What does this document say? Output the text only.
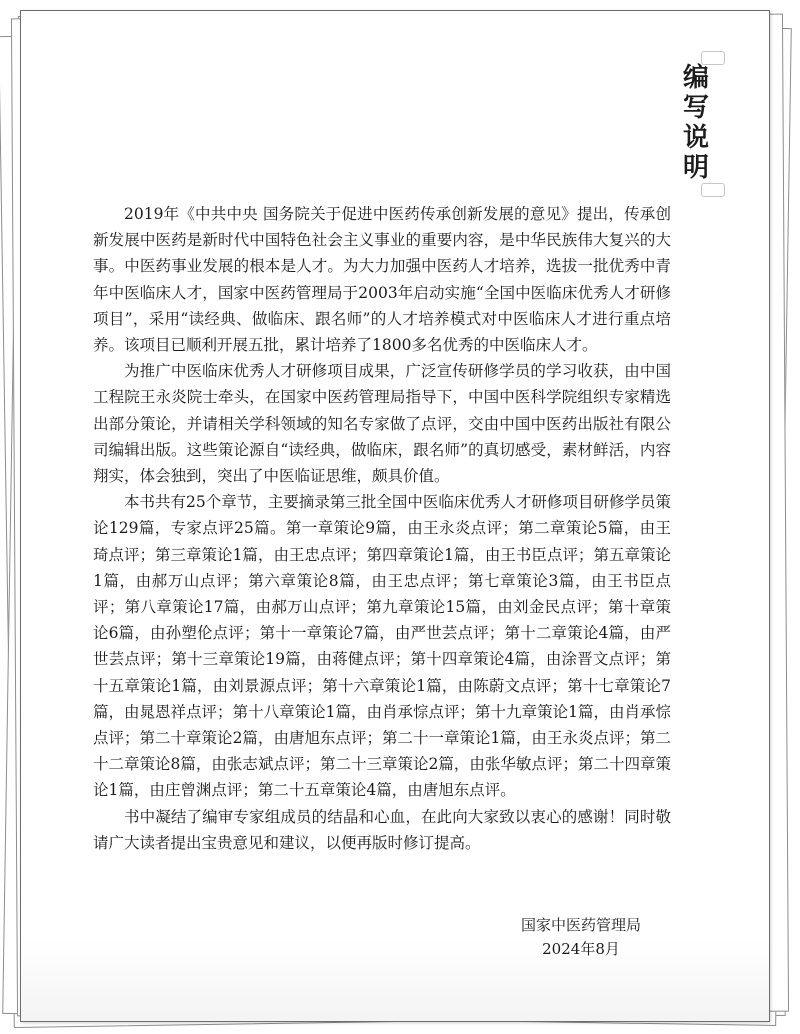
编
写
说
明

2019年《中共中央 国务院关于促进中医药传承创新发展的意见》提出，传承创新发展中医药是新时代中国特色社会主义事业的重要内容，是中华民族伟大复兴的大事。中医药事业发展的根本是人才。为大力加强中医药人才培养，选拔一批优秀中青年中医临床人才，国家中医药管理局于2003年启动实施“全国中医临床优秀人才研修项目”，采用“读经典、做临床、跟名师”的人才培养模式对中医临床人才进行重点培养。该项目已顺利开展五批，累计培养了1800多名优秀的中医临床人才。

为推广中医临床优秀人才研修项目成果，广泛宣传研修学员的学习收获，由中国工程院王永炎院士牵头，在国家中医药管理局指导下，中国中医科学院组织专家精选出部分策论，并请相关学科领域的知名专家做了点评，交由中国中医药出版社有限公司编辑出版。这些策论源自“读经典，做临床，跟名师”的真切感受，素材鲜活，内容翔实，体会独到，突出了中医临证思维，颇具价值。

本书共有25个章节，主要摘录第三批全国中医临床优秀人才研修项目研修学员策论129篇，专家点评25篇。第一章策论9篇，由王永炎点评；第二章策论5篇，由王琦点评；第三章策论1篇，由王忠点评；第四章策论1篇，由王书臣点评；第五章策论1篇，由郝万山点评；第六章策论8篇，由王忠点评；第七章策论3篇，由王书臣点评；第八章策论17篇，由郝万山点评；第九章策论15篇，由刘金民点评；第十章策论6篇，由孙塑伦点评；第十一章策论7篇，由严世芸点评；第十二章策论4篇，由严世芸点评；第十三章策论19篇，由蒋健点评；第十四章策论4篇，由涂晋文点评；第十五章策论1篇，由刘景源点评；第十六章策论1篇，由陈蔚文点评；第十七章策论7篇，由晁恩祥点评；第十八章策论1篇，由肖承悰点评；第十九章策论1篇，由肖承悰点评；第二十章策论2篇，由唐旭东点评；第二十一章策论1篇，由王永炎点评；第二十二章策论8篇，由张志斌点评；第二十三章策论2篇，由张华敏点评；第二十四章策论1篇，由庄曾渊点评；第二十五章策论4篇，由唐旭东点评。

书中凝结了编审专家组成员的结晶和心血，在此向大家致以衷心的感谢！同时敬请广大读者提出宝贵意见和建议，以便再版时修订提高。

国家中医药管理局
2024年8月
